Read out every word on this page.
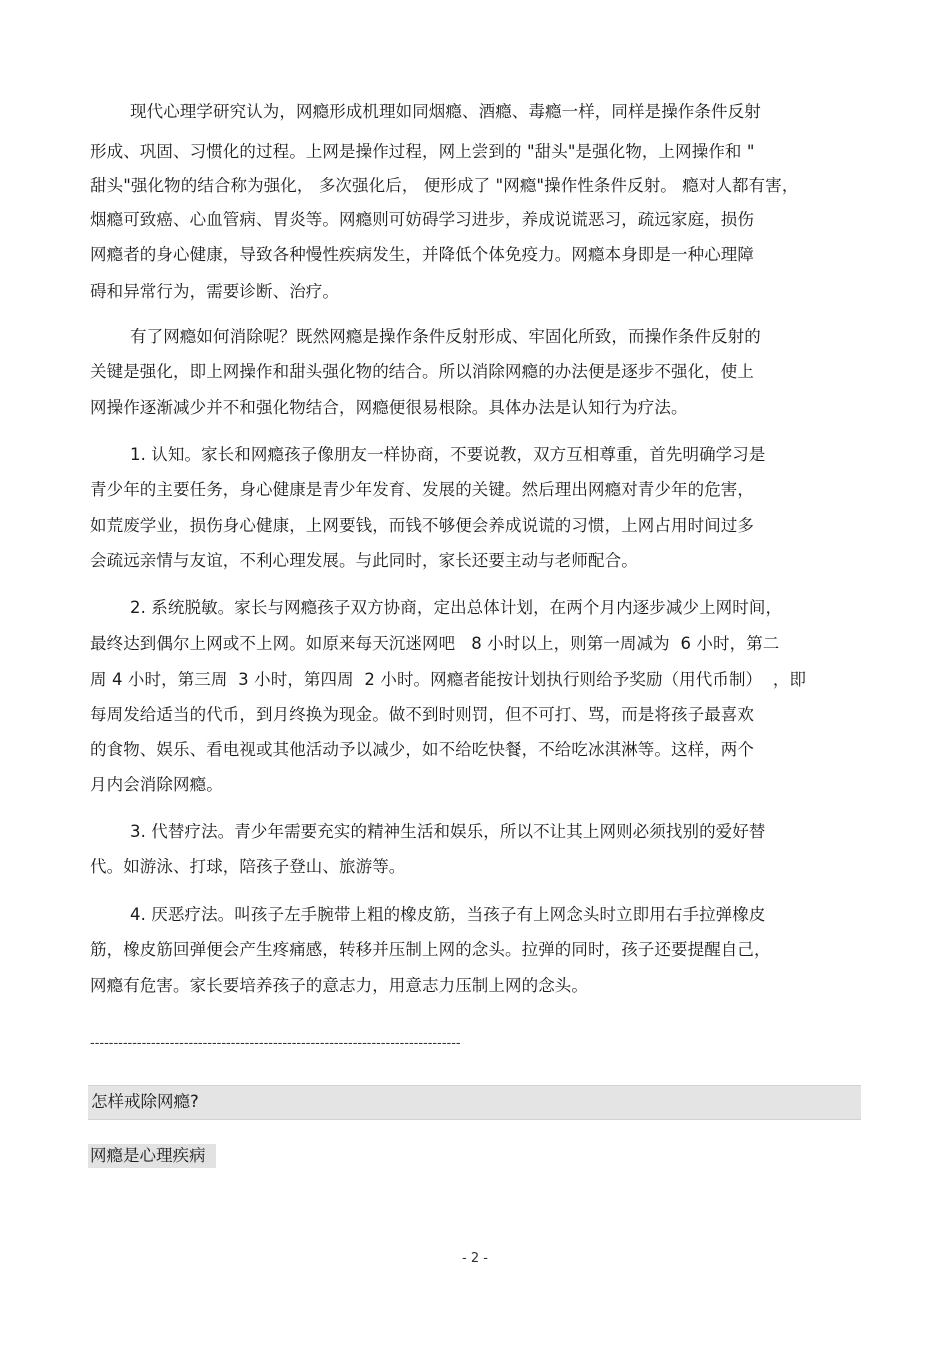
现代心理学研究认为，网瘾形成机理如同烟瘾、酒瘾、毒瘾一样，同样是操作条件反射
形成、巩固、习惯化的过程。上网是操作过程，网上尝到的 "甜头"是强化物，上网操作和 "
甜头"强化物的结合称为强化， 多次强化后， 便形成了 "网瘾"操作性条件反射。 瘾对人都有害，
烟瘾可致癌、心血管病、胃炎等。网瘾则可妨碍学习进步，养成说谎恶习，疏远家庭，损伤
网瘾者的身心健康，导致各种慢性疾病发生，并降低个体免疫力。网瘾本身即是一种心理障
碍和异常行为，需要诊断、治疗。
有了网瘾如何消除呢？既然网瘾是操作条件反射形成、牢固化所致，而操作条件反射的
关键是强化，即上网操作和甜头强化物的结合。所以消除网瘾的办法便是逐步不强化，使上
网操作逐渐减少并不和强化物结合，网瘾便很易根除。具体办法是认知行为疗法。
1. 认知。家长和网瘾孩子像朋友一样协商，不要说教，双方互相尊重，首先明确学习是
青少年的主要任务，身心健康是青少年发育、发展的关键。然后理出网瘾对青少年的危害，
如荒废学业，损伤身心健康，上网要钱，而钱不够便会养成说谎的习惯，上网占用时间过多
会疏远亲情与友谊，不利心理发展。与此同时，家长还要主动与老师配合。
2. 系统脱敏。家长与网瘾孩子双方协商，定出总体计划，在两个月内逐步减少上网时间，
最终达到偶尔上网或不上网。如原来每天沉迷网吧   8 小时以上，则第一周减为  6 小时，第二
周 4 小时，第三周  3 小时，第四周  2 小时。网瘾者能按计划执行则给予奖励（用代币制）  ，即
每周发给适当的代币，到月终换为现金。做不到时则罚，但不可打、骂，而是将孩子最喜欢
的食物、娱乐、看电视或其他活动予以减少，如不给吃快餐，不给吃冰淇淋等。这样，两个
月内会消除网瘾。
3. 代替疗法。青少年需要充实的精神生活和娱乐，所以不让其上网则必须找别的爱好替
代。如游泳、打球，陪孩子登山、旅游等。
4. 厌恶疗法。叫孩子左手腕带上粗的橡皮筋，当孩子有上网念头时立即用右手拉弹橡皮
筋，橡皮筋回弹便会产生疼痛感，转移并压制上网的念头。拉弹的同时，孩子还要提醒自己，
网瘾有危害。家长要培养孩子的意志力，用意志力压制上网的念头。
-------------------------------------------------------------------------------
怎样戒除网瘾?
网瘾是心理疾病
- 2 -
